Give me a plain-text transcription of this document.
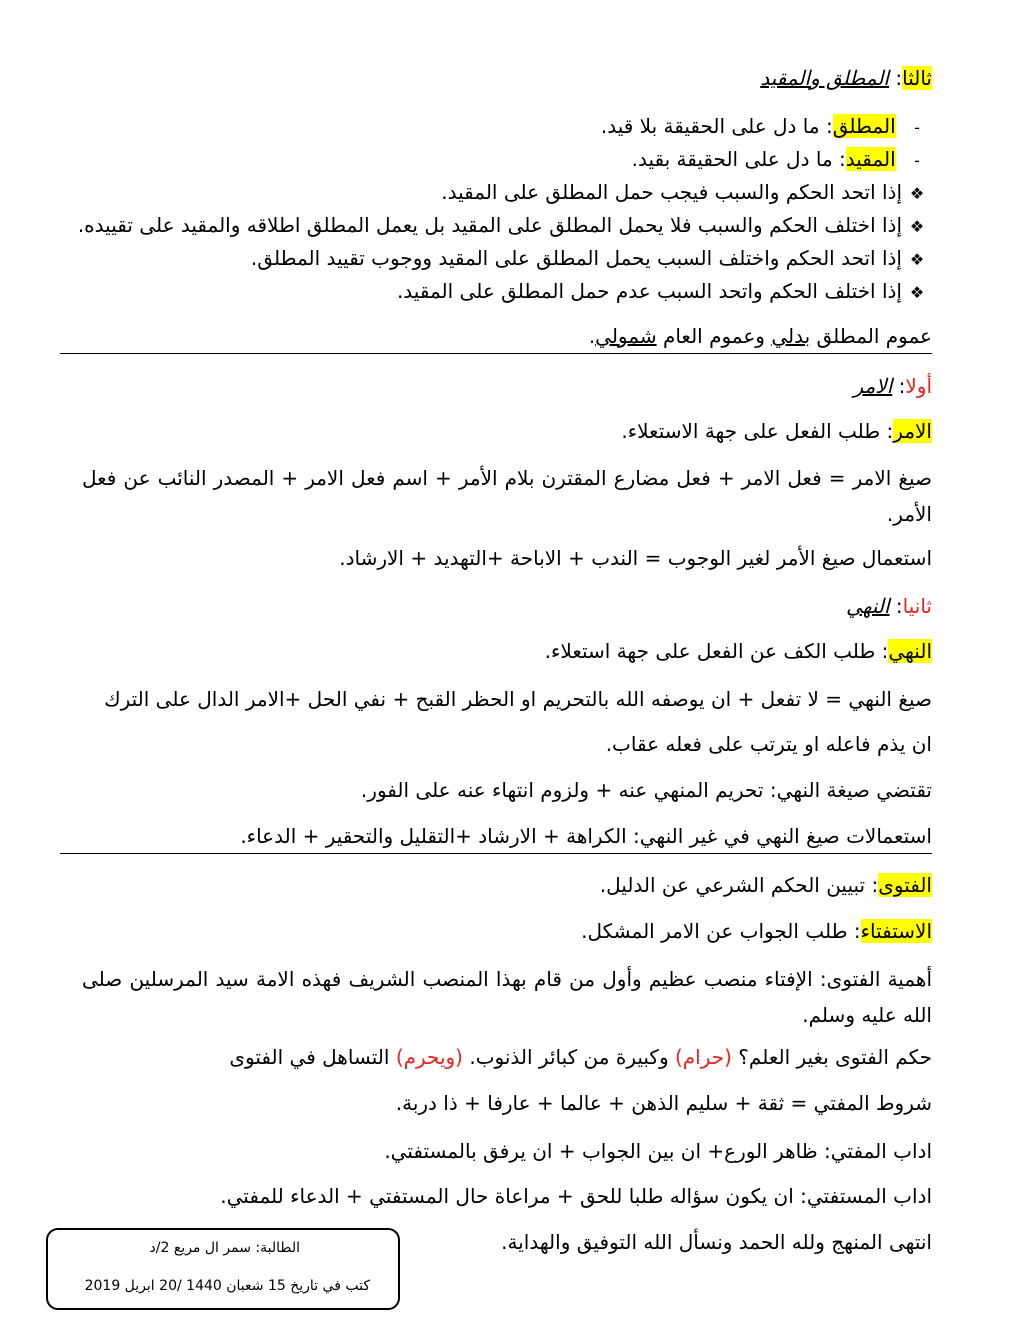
ثالثا: المطلق والمقيد
- المطلق: ما دل على الحقيقة بلا قيد.
- المقيد: ما دل على الحقيقة بقيد.
❖إذا اتحد الحكم والسبب فيجب حمل المطلق على المقيد.
❖إذا اختلف الحكم والسبب فلا يحمل المطلق على المقيد بل يعمل المطلق اطلاقه والمقيد على تقييده.
❖إذا اتحد الحكم واختلف السبب يحمل المطلق على المقيد ووجوب تقييد المطلق.
❖إذا اختلف الحكم واتحد السبب عدم حمل المطلق على المقيد.
عموم المطلق بدلي وعموم العام شمولي.
أولا: الامر
الامر: طلب الفعل على جهة الاستعلاء.
صيغ الامر = فعل الامر + فعل مضارع المقترن بلام الأمر + اسم فعل الامر + المصدر النائب عن فعل الأمر.
استعمال صيغ الأمر لغير الوجوب = الندب + الاباحة +التهديد + الارشاد.
ثانيا: النهي
النهي: طلب الكف عن الفعل على جهة استعلاء.
صيغ النهي = لا تفعل + ان يوصفه الله بالتحريم او الحظر القبح + نفي الحل +الامر الدال على الترك
ان يذم فاعله او يترتب على فعله عقاب.
تقتضي صيغة النهي: تحريم المنهي عنه + ولزوم انتهاء عنه على الفور.
استعمالات صيغ النهي في غير النهي: الكراهة + الارشاد +التقليل والتحقير + الدعاء.
الفتوى: تبيين الحكم الشرعي عن الدليل.
الاستفتاء: طلب الجواب عن الامر المشكل.
أهمية الفتوى: الإفتاء منصب عظيم وأول من قام بهذا المنصب الشريف فهذه الامة سيد المرسلين صلى الله عليه وسلم.
حكم الفتوى بغير العلم؟ (حرام) وكبيرة من كبائر الذنوب. (ويحرم) التساهل في الفتوى
شروط المفتي = ثقة + سليم الذهن + عالما + عارفا + ذا دربة.
اداب المفتي: ظاهر الورع+ ان بين الجواب + ان يرفق بالمستفتي.
اداب المستفتي: ان يكون سؤاله طلبا للحق + مراعاة حال المستفتي + الدعاء للمفتي.
انتهى المنهج ولله الحمد ونسأل الله التوفيق والهداية.
الطالبة: سمر ال مريع 2/د
كتب في تاريخ 15 شعبان 1440 /20 ابريل 2019
